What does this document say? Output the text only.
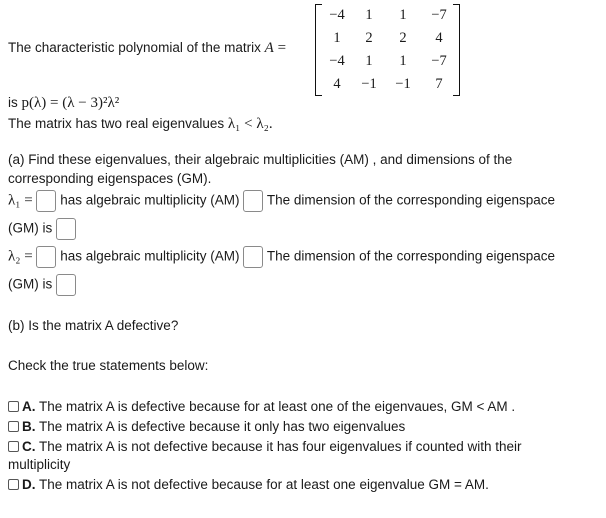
The characteristic polynomial of the matrix A =
−4	1	1	−7
1	2	2	4
−4	1	1	−7
4	−1	−1	7
is p(λ) = (λ − 3)²λ²
The matrix has two real eigenvalues λ₁ < λ₂.
(a) Find these eigenvalues, their algebraic multiplicities (AM) , and dimensions of the
corresponding eigenspaces (GM).
λ₁ = has algebraic multiplicity (AM) The dimension of the corresponding eigenspace
(GM) is
λ₂ = has algebraic multiplicity (AM) The dimension of the corresponding eigenspace
(GM) is
(b) Is the matrix A defective?
Check the true statements below:
A. The matrix A is defective because for at least one of the eigenvaues, GM < AM .
B. The matrix A is defective because it only has two eigenvalues
C. The matrix A is not defective because it has four eigenvalues if counted with their
multiplicity
D. The matrix A is not defective because for at least one eigenvalue GM = AM.
